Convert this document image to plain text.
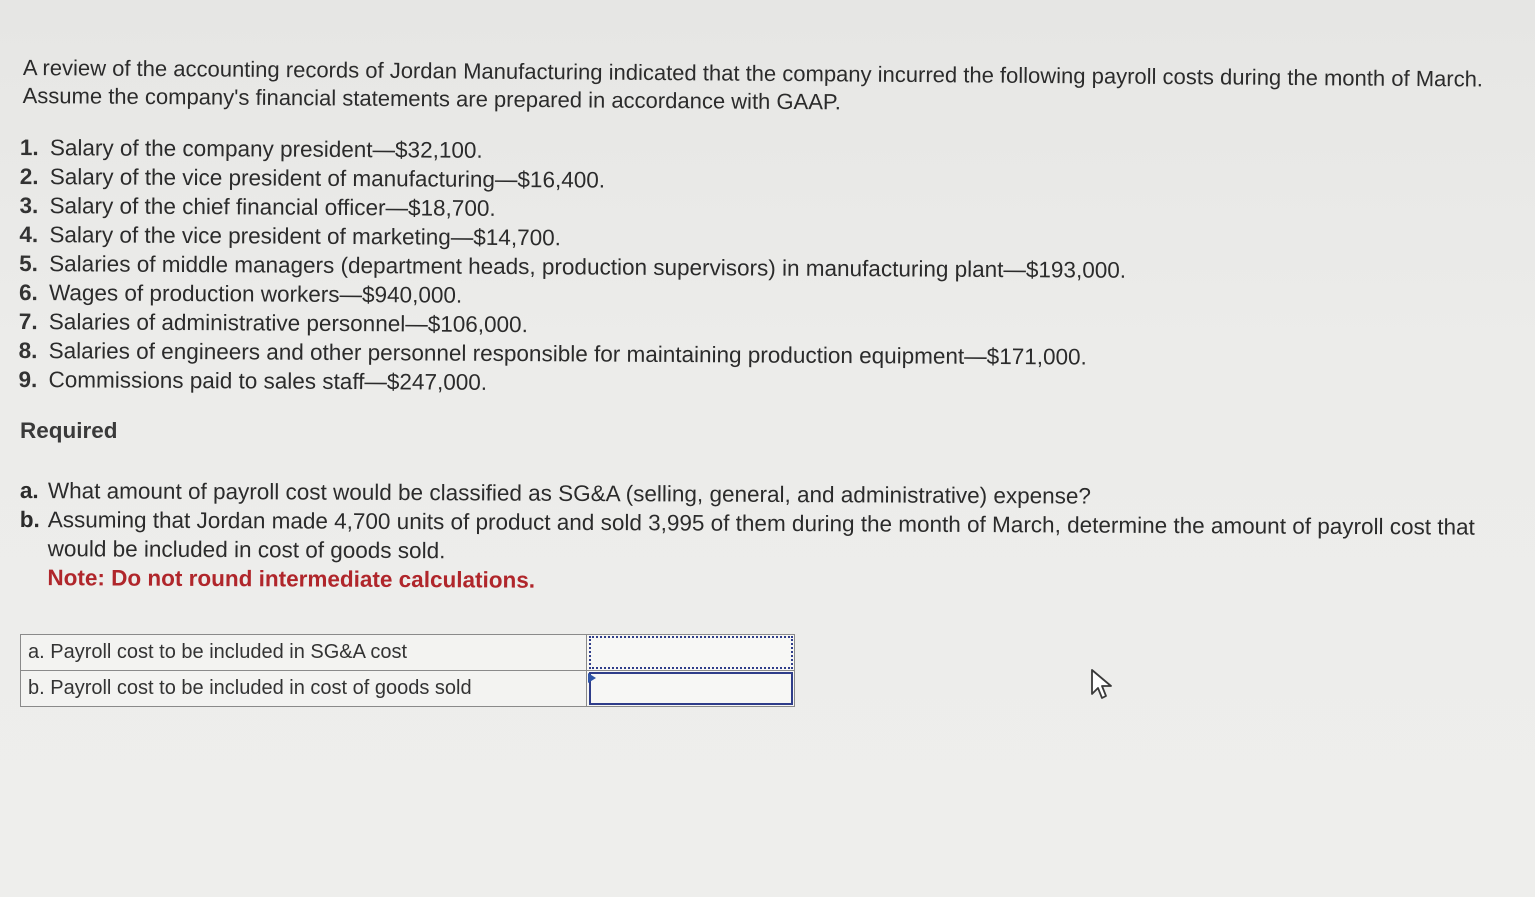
A review of the accounting records of Jordan Manufacturing indicated that the company incurred the following payroll costs during the month of March. Assume the company's financial statements are prepared in accordance with GAAP.
1. Salary of the company president—$32,100.
2. Salary of the vice president of manufacturing—$16,400.
3. Salary of the chief financial officer—$18,700.
4. Salary of the vice president of marketing—$14,700.
5. Salaries of middle managers (department heads, production supervisors) in manufacturing plant—$193,000.
6. Wages of production workers—$940,000.
7. Salaries of administrative personnel—$106,000.
8. Salaries of engineers and other personnel responsible for maintaining production equipment—$171,000.
9. Commissions paid to sales staff—$247,000.
Required
a. What amount of payroll cost would be classified as SG&A (selling, general, and administrative) expense?
b. Assuming that Jordan made 4,700 units of product and sold 3,995 of them during the month of March, determine the amount of payroll cost that would be included in cost of goods sold.
Note: Do not round intermediate calculations.
a. Payroll cost to be included in SG&A cost	

b. Payroll cost to be included in cost of goods sold	
